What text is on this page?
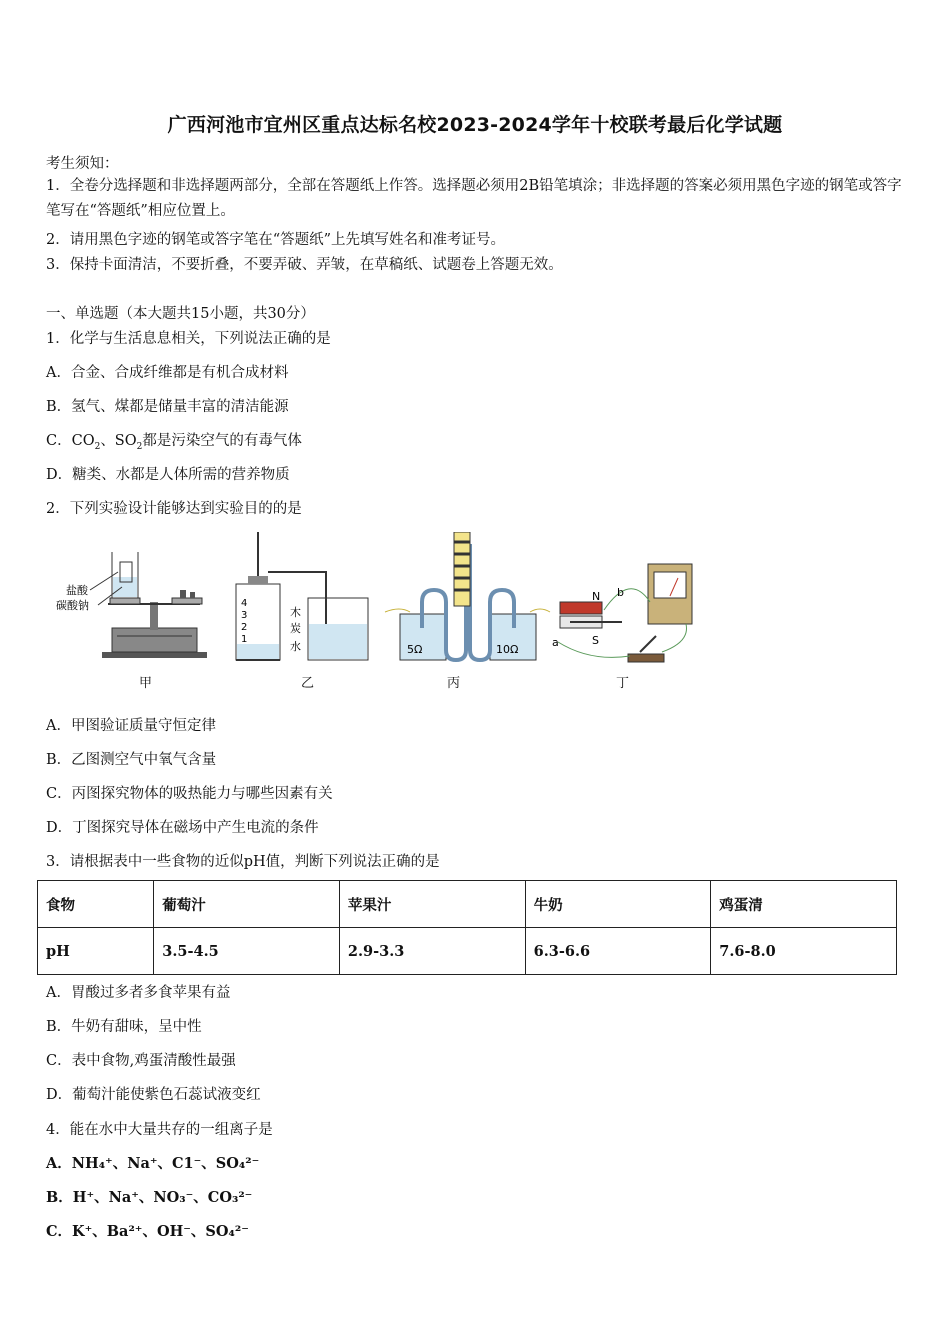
广西河池市宜州区重点达标名校2023-2024学年十校联考最后化学试题
考生须知：
1．全卷分选择题和非选择题两部分，全部在答题纸上作答。选择题必须用2B铅笔填涂；非选择题的答案必须用黑色字迹的钢笔或答字笔写在“答题纸”相应位置上。
2．请用黑色字迹的钢笔或答字笔在“答题纸”上先填写姓名和准考证号。
3．保持卡面清洁，不要折叠，不要弄破、弄皱，在草稿纸、试题卷上答题无效。
一、单选题（本大题共15小题，共30分）
1．化学与生活息息相关，下列说法正确的是
A．合金、合成纤维都是有机合成材料
B．氢气、煤都是储量丰富的清洁能源
C．$CO_2$、$SO_2$都是污染空气的有毒气体
D．糖类、水都是人体所需的营养物质
2．下列实验设计能够达到实验目的的是
盐酸
碳酸钠	4
3
2
1
木
炭
水	5Ω	10Ω
N
S
a
b
甲	乙	丙	丁
A．甲图验证质量守恒定律
B．乙图测空气中氧气含量
C．丙图探究物体的吸热能力与哪些因素有关
D．丁图探究导体在磁场中产生电流的条件
3．请根据表中一些食物的近似pH值，判断下列说法正确的是
食物	葡萄汁	苹果汁	牛奶	鸡蛋清
pH	3.5-4.5	2.9-3.3	6.3-6.6	7.6-8.0
A．胃酸过多者多食苹果有益
B．牛奶有甜味，呈中性
C．表中食物,鸡蛋清酸性最强
D．葡萄汁能使紫色石蕊试液变红
4．能在水中大量共存的一组离子是
A．NH₄⁺、Na⁺、C1⁻、SO₄²⁻
B．H⁺、Na⁺、NO₃⁻、CO₃²⁻
C．K⁺、Ba²⁺、OH⁻、SO₄²⁻
